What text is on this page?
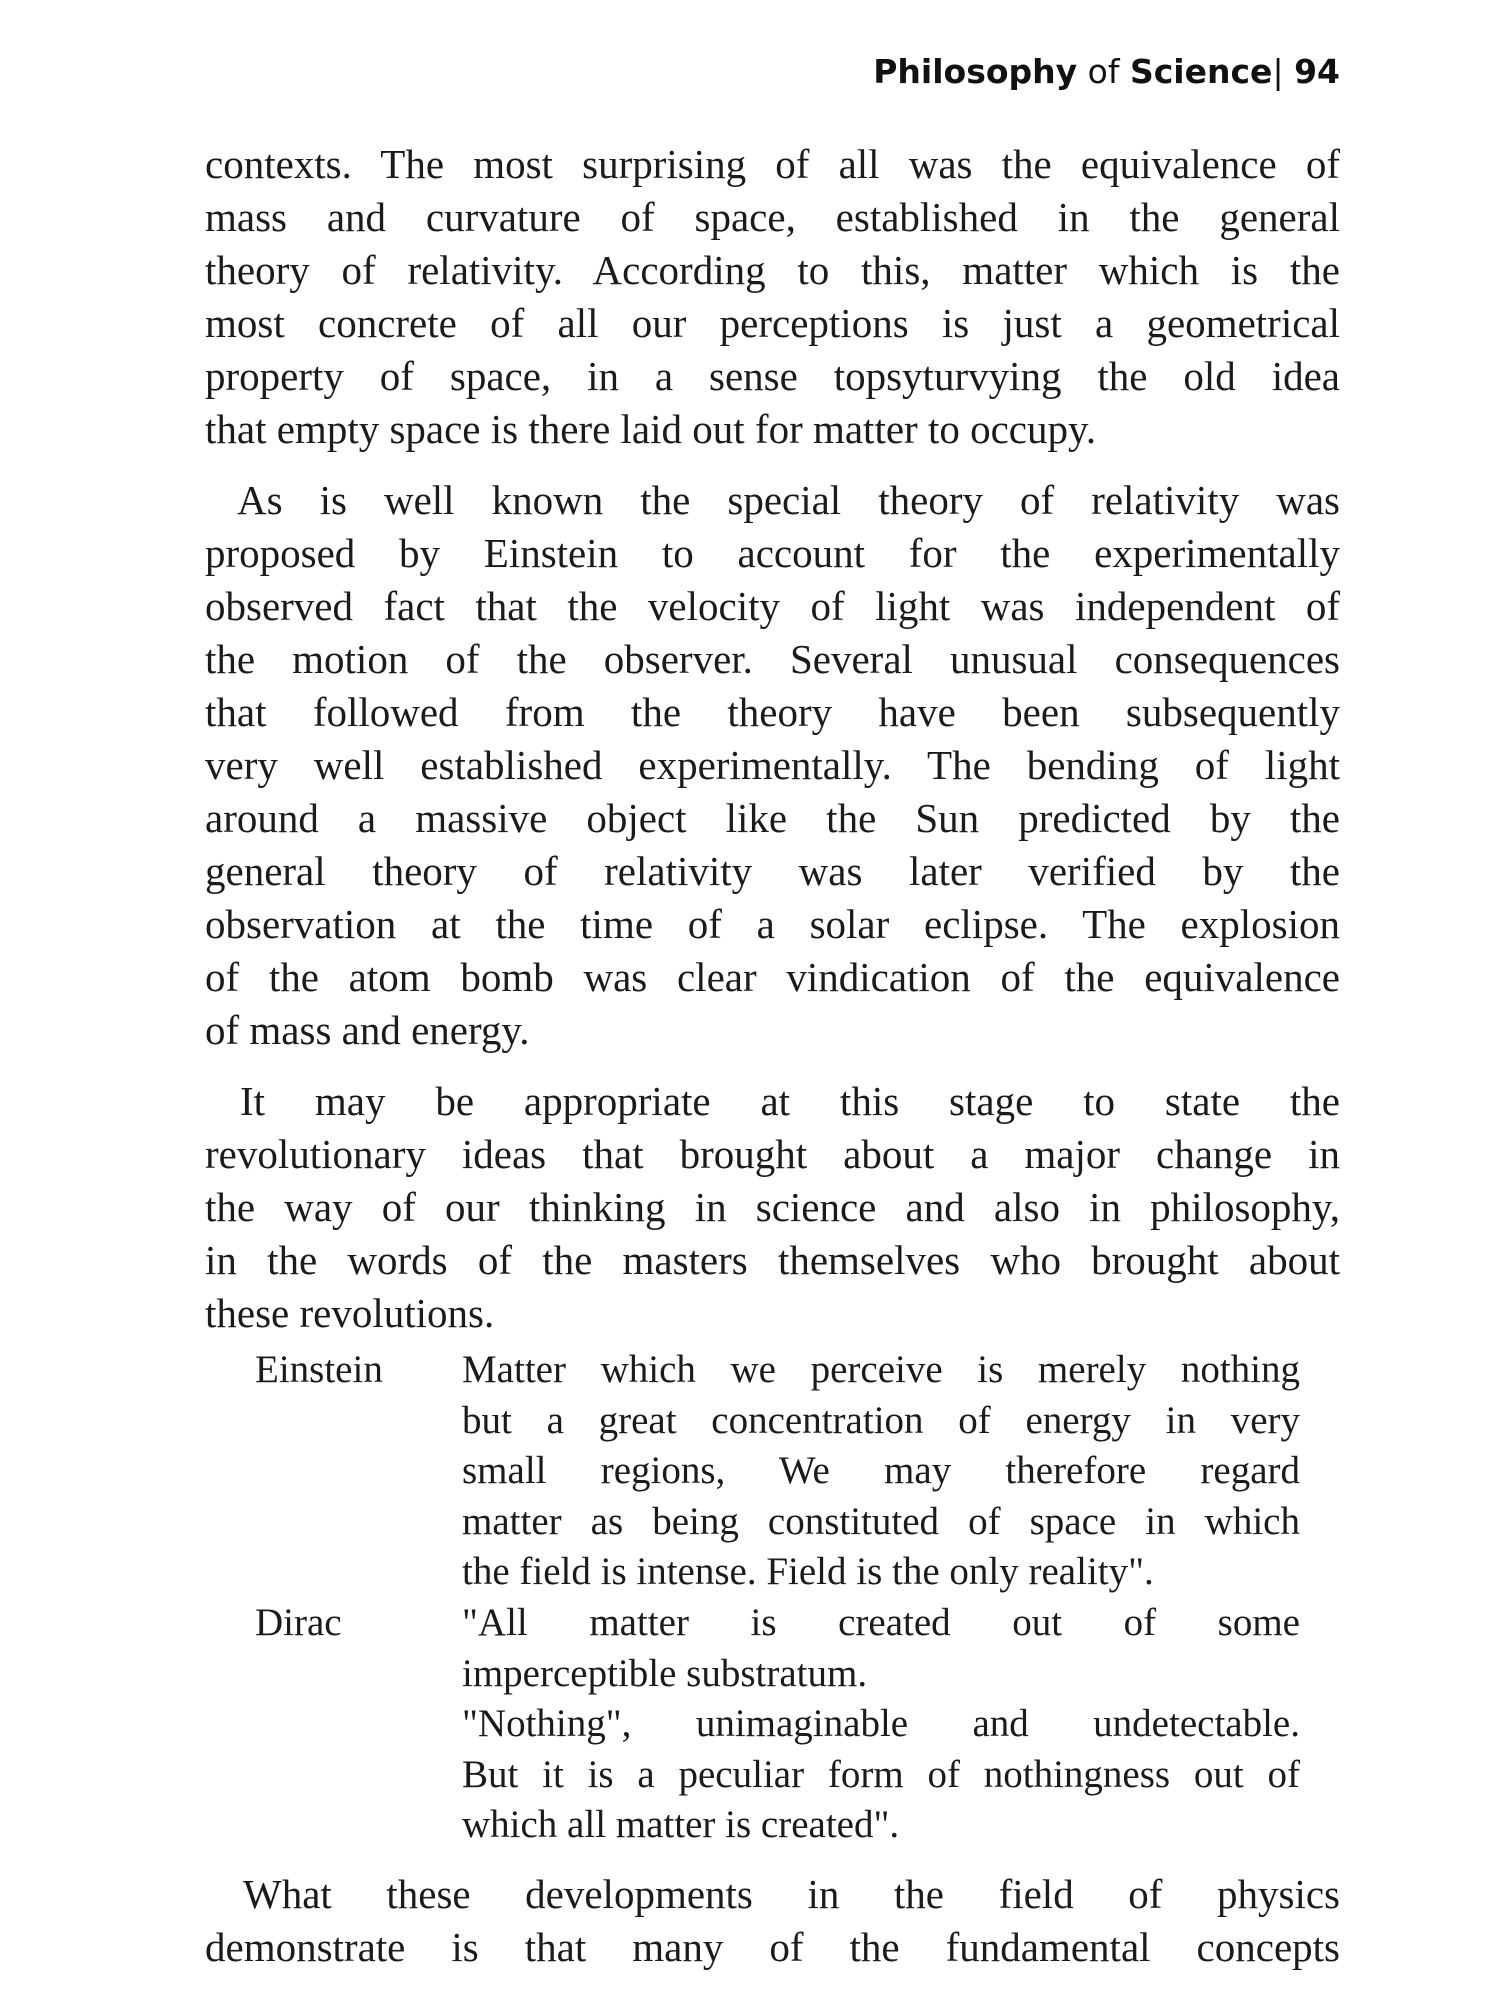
Philosophy of Science| 94

contexts. The most surprising of all was the equivalence of

mass and curvature of space, established in the general

theory of relativity. According to this, matter which is the

most concrete of all our perceptions is just a geometrical

property of space, in a sense topsyturvying the old idea

that empty space is there laid out for matter to occupy.

As is well known the special theory of relativity was

proposed by Einstein to account for the experimentally

observed fact that the velocity of light was independent of

the motion of the observer. Several unusual consequences

that followed from the theory have been subsequently

very well established experimentally. The bending of light

around a massive object like the Sun predicted by the

general theory of relativity was later verified by the

observation at the time of a solar eclipse. The explosion

of the atom bomb was clear vindication of the equivalence

of mass and energy.

It may be appropriate at this stage to state the

revolutionary ideas that brought about a major change in

the way of our thinking in science and also in philosophy,

in the words of the masters themselves who brought about

these revolutions.

Einstein Matter which we perceive is merely nothing

but a great concentration of energy in very

small regions, We may therefore regard

matter as being constituted of space in which

the field is intense. Field is the only reality".

Dirac	"All matter is created out of some

imperceptible substratum.

"Nothing", unimaginable and undetectable.

But it is a peculiar form of nothingness out of

which all matter is created".

What these developments in the field of physics

demonstrate is that many of the fundamental concepts
